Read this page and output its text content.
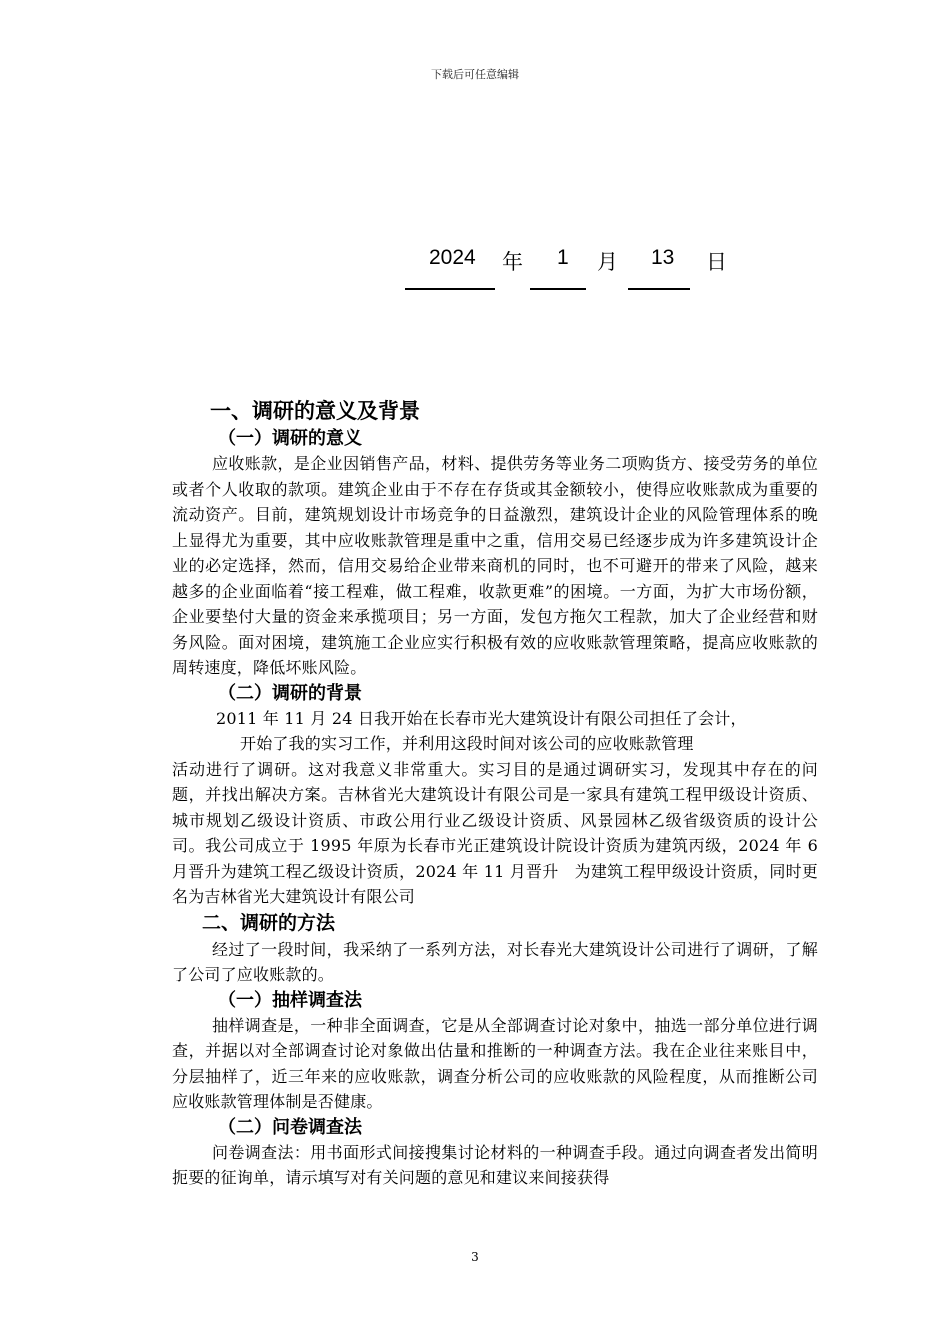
下载后可任意编辑
2024 年 1 月 13 日
一、调研的意义及背景
（一）调研的意义

应收账款，是企业因销售产品，材料、提供劳务等业务二项购货方、接受劳务的单位或者个人收取的款项。建筑企业由于不存在存货或其金额较小，使得应收账款成为重要的流动资产。目前，建筑规划设计市场竞争的日益激烈，建筑设计企业的风险管理体系的晚上显得尤为重要，其中应收账款管理是重中之重，信用交易已经逐步成为许多建筑设计企业的必定选择，然而，信用交易给企业带来商机的同时，也不可避开的带来了风险，越来越多的企业面临着“接工程难，做工程难，收款更难”的困境。一方面，为扩大市场份额，企业要垫付大量的资金来承揽项目；另一方面，发包方拖欠工程款，加大了企业经营和财务风险。面对困境，建筑施工企业应实行积极有效的应收账款管理策略，提高应收账款的周转速度，降低坏账风险。

（二）调研的背景

2011 年 11 月 24 日我开始在长春市光大建筑设计有限公司担任了会计，

开始了我的实习工作，并利用这段时间对该公司的应收账款管理

活动进行了调研。这对我意义非常重大。实习目的是通过调研实习，发现其中存在的问题，并找出解决方案。吉林省光大建筑设计有限公司是一家具有建筑工程甲级设计资质、城市规划乙级设计资质、市政公用行业乙级设计资质、风景园林乙级省级资质的设计公司。我公司成立于 1995 年原为长春市光正建筑设计院设计资质为建筑丙级，2024 年 6 月晋升为建筑工程乙级设计资质，2024 年 11 月晋升　为建筑工程甲级设计资质，同时更名为吉林省光大建筑设计有限公司

二、调研的方法

经过了一段时间，我采纳了一系列方法，对长春光大建筑设计公司进行了调研，了解了公司了应收账款的。

（一）抽样调查法

抽样调查是，一种非全面调查，它是从全部调查讨论对象中，抽选一部分单位进行调查，并据以对全部调查讨论对象做出估量和推断的一种调查方法。我在企业往来账目中，分层抽样了，近三年来的应收账款，调查分析公司的应收账款的风险程度，从而推断公司应收账款管理体制是否健康。

（二）问卷调查法

问卷调查法：用书面形式间接搜集讨论材料的一种调查手段。通过向调查者发出简明扼要的征询单，请示填写对有关问题的意见和建议来间接获得

3
